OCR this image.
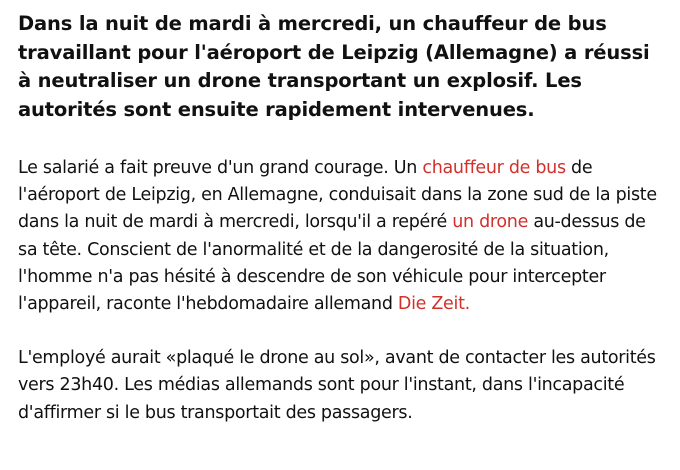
Dans la nuit de mardi à mercredi, un chauffeur de bus travaillant pour l'aéroport de Leipzig (Allemagne) a réussi à neutraliser un drone transportant un explosif. Les autorités sont ensuite rapidement intervenues.

Le salarié a fait preuve d'un grand courage. Un chauffeur de bus de l'aéroport de Leipzig, en Allemagne, conduisait dans la zone sud de la piste dans la nuit de mardi à mercredi, lorsqu'il a repéré un drone au-dessus de sa tête. Conscient de l'anormalité et de la dangerosité de la situation, l'homme n'a pas hésité à descendre de son véhicule pour intercepter l'appareil, raconte l'hebdomadaire allemand Die Zeit.

L'employé aurait «plaqué le drone au sol», avant de contacter les autorités vers 23h40. Les médias allemands sont pour l'instant, dans l'incapacité d'affirmer si le bus transportait des passagers.
